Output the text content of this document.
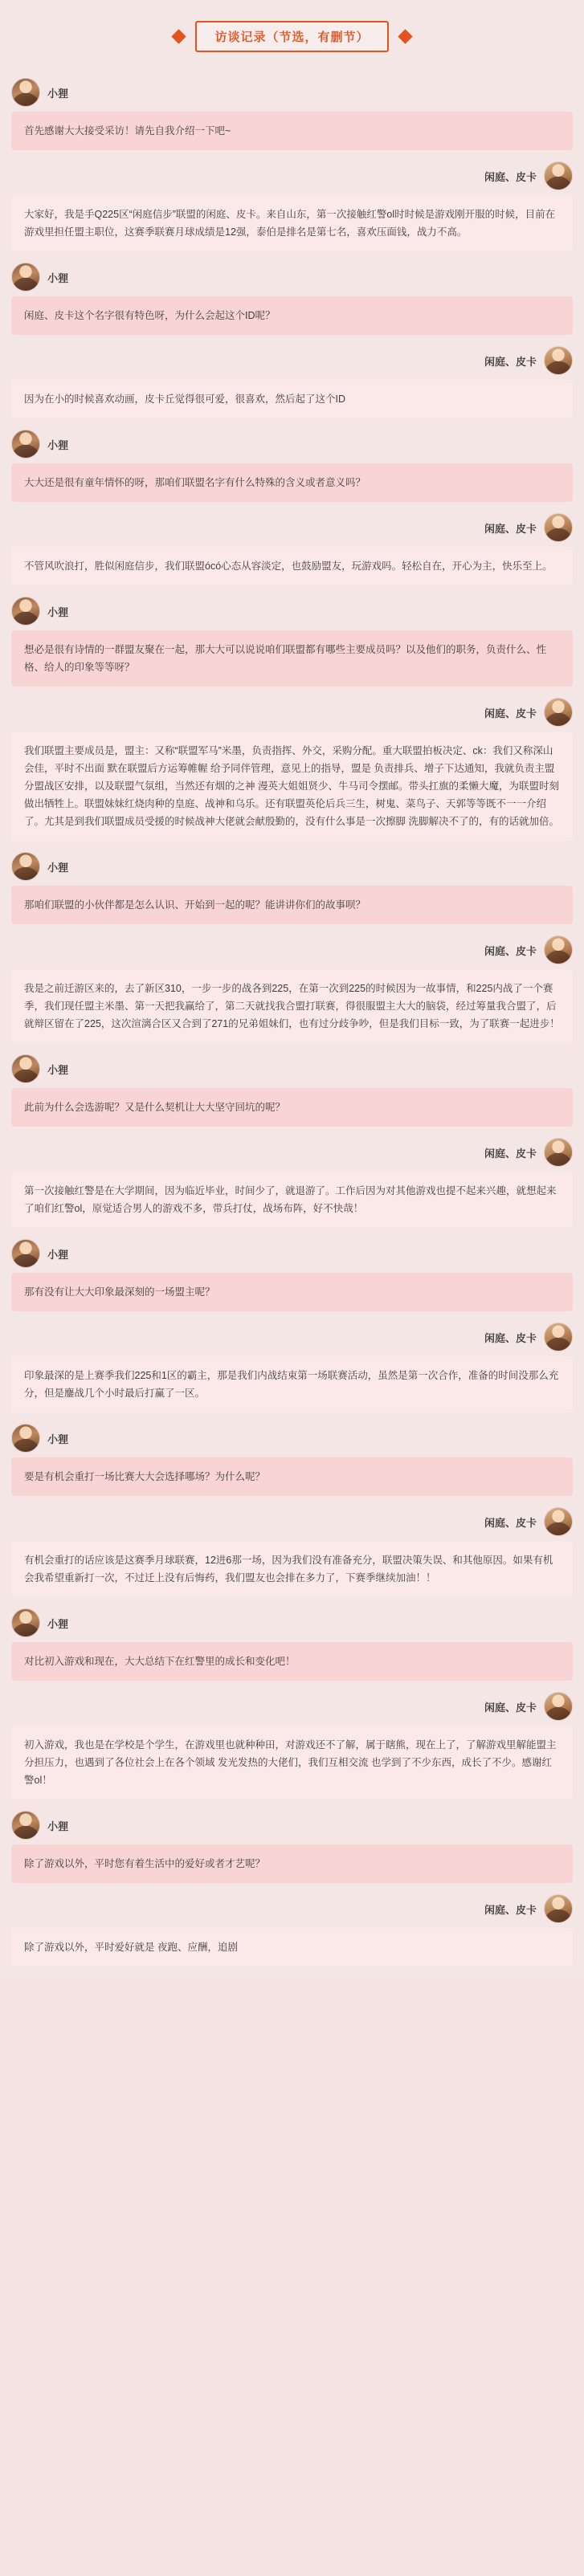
访谈记录（节选，有删节）
小狸
首先感谢大大接受采访！请先自我介绍一下吧~
闲庭、皮卡
大家好，我是手Q225区“闲庭信步”联盟的闲庭、皮卡。来自山东，第一次接触红警ol时时候是游戏刚开服的时候，目前在游戏里担任盟主职位，这赛季联赛月球成绩是12强，泰伯是排名是第七名，喜欢压面钱，战力不高。
小狸
闲庭、皮卡这个名字很有特色呀，为什么会起这个ID呢？
闲庭、皮卡
因为在小的时候喜欢动画，皮卡丘觉得很可爱，很喜欢，然后起了这个ID
小狸
大大还是很有童年情怀的呀，那咱们联盟名字有什么特殊的含义或者意义吗？
闲庭、皮卡
不管风吹浪打，胜似闲庭信步，我们联盟ócó心态从容淡定，也鼓励盟友，玩游戏吗。轻松自在，开心为主，快乐至上。
小狸
想必是很有诗情的一群盟友聚在一起，那大大可以说说咱们联盟都有哪些主要成员吗？以及他们的职务，负责什么、性格、给人的印象等等呀？
闲庭、皮卡
我们联盟主要成员是，盟主：又称“联盟军马”米墨，负责指挥、外交，采购分配。重大联盟拍板决定、ck：我们又称深山会佳，平时不出面 默在联盟后方运筹帷幄 给予同伴管理，意见上的指导，盟是 负责排兵、增子下达通知，我就负责主盟分盟战区安排，以及联盟气氛组，当然还有烟的之神 漫英大姐姐贤少、牛马司令摆邮。带头扛旗的柔懒大魔，为联盟时刻做出牺牲上。联盟妹妹红烧肉种的皇庭、战神和乌乐。还有联盟英伦后兵三生，树鬼、菜鸟子、天郭等等既不一一介绍了。尤其是到我们联盟成员受援的时候战神大佬就会献殷勤的，没有什么事是一次擦脚 洗脚解决不了的，有的话就加倍。
小狸
那咱们联盟的小伙伴都是怎么认识、开始到一起的呢？能讲讲你们的故事呗？
闲庭、皮卡
我是之前迁游区来的，去了新区310，一步一步的战各到225，在第一次到225的时候因为一故事情，和225内战了一个赛季，我们现任盟主米墨、第一天把我赢给了，第二天就找我合盟打联赛，得很服盟主大大的脑袋，经过筹量我合盟了，后就辩区留在了225，这次渲漓合区又合到了271的兄弟姐妹们，也有过分歧争吵，但是我们目标一致，为了联赛一起进步！
小狸
此前为什么会选游呢？又是什么契机让大大坚守回坑的呢？
闲庭、皮卡
第一次接触红警是在大学期间，因为临近毕业，时间少了，就退游了。工作后因为对其他游戏也提不起来兴趣，就想起来了咱们红警ol，原觉适合男人的游戏不多，带兵打仗，战场布阵，好不快哉！
小狸
那有没有让大大印象最深刻的一场盟主呢？
闲庭、皮卡
印象最深的是上赛季我们225和1区的霸主，那是我们内战结束第一场联赛活动，虽然是第一次合作，准备的时间没那么充分，但是鏖战几个小时最后打赢了一区。
小狸
要是有机会重打一场比赛大大会选择哪场？为什么呢？
闲庭、皮卡
有机会重打的话应该是这赛季月球联赛，12进6那一场，因为我们没有准备充分，联盟决策失误、和其他原因。如果有机会我希望重新打一次，不过迁上没有后悔药，我们盟友也会排在多力了，下赛季继续加油！！
小狸
对比初入游戏和现在，大大总结下在红警里的成长和变化吧！
闲庭、皮卡
初入游戏，我也是在学校是个学生，在游戏里也就种种田，对游戏还不了解，属于瞎熊，现在上了，了解游戏里解能盟主分担压力，也遇到了各位社会上在各个领域 发光发热的大佬们，我们互相交流 也学到了不少东西，成长了不少。感谢红警ol！
小狸
除了游戏以外，平时您有着生活中的爱好或者才艺呢？
闲庭、皮卡
除了游戏以外，平时爱好就是 夜跑、应酬，追剧
